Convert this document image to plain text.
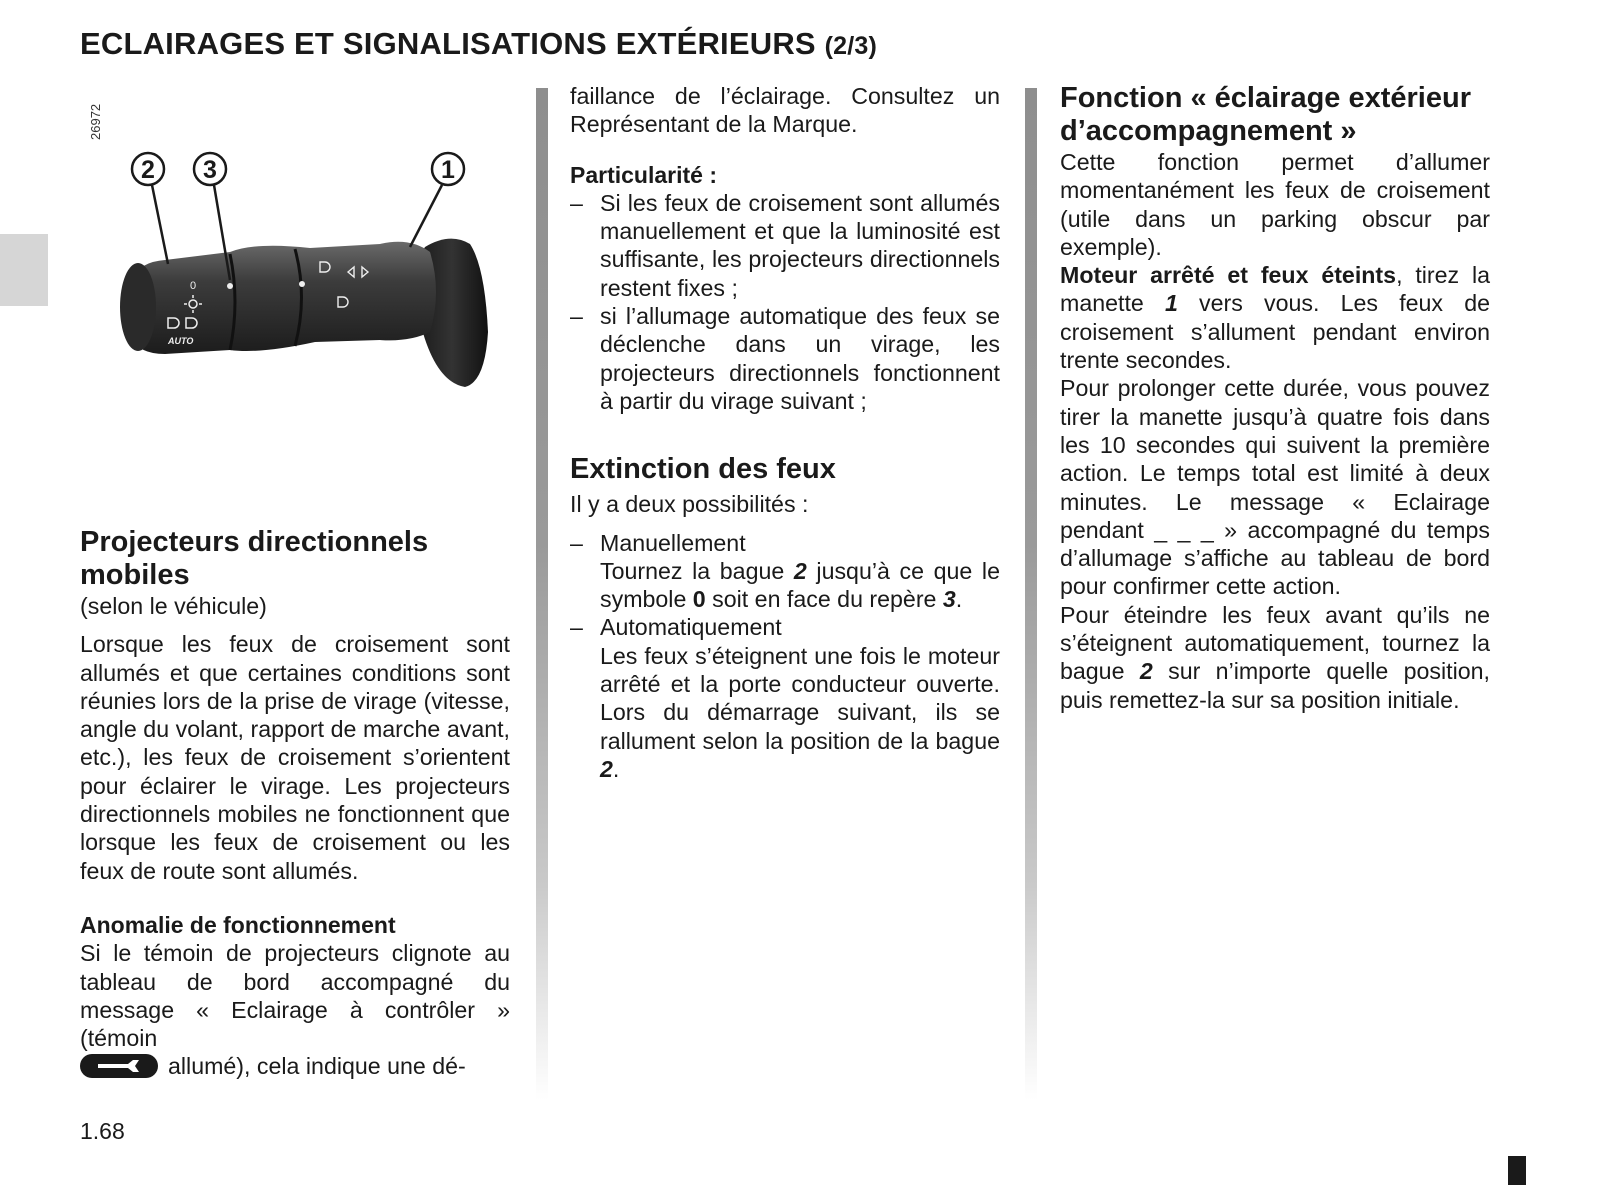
ECLAIRAGES ET SIGNALISATIONS EXTÉRIEURS (2/3)
26972
0
AUTO
2 3	1
Projecteurs directionnels mobiles

(selon le véhicule)

Lorsque les feux de croisement sont allumés et que certaines conditions sont réunies lors de la prise de virage (vitesse, angle du volant, rapport de marche avant, etc.), les feux de croisement s’orientent pour éclairer le virage. Les projecteurs directionnels mobiles ne fonctionnent que lorsque les feux de croisement ou les feux de route sont allumés.

Anomalie de fonctionnement

Si le témoin de projecteurs clignote au tableau de bord accompagné du message « Eclairage à contrôler » (témoin
allumé), cela indique une dé-

faillance de l’éclairage. Consultez un Représentant de la Marque.

Particularité :
– Si les feux de croisement sont allumés manuellement et que la luminosité est suffisante, les projecteurs directionnels restent fixes ;
– si l’allumage automatique des feux se déclenche dans un virage, les projecteurs directionnels fonctionnent à partir du virage suivant ;
Extinction des feux

Il y a deux possibilités :

– Manuellement
Tournez la bague 2 jusqu’à ce que le symbole 0 soit en face du repère 3.
– Automatiquement
Les feux s’éteignent une fois le moteur arrêté et la porte conducteur ouverte. Lors du démarrage suivant, ils se rallument selon la position de la bague 2.
Fonction « éclairage extérieur d’accompagnement »

Cette fonction permet d’allumer momentanément les feux de croisement (utile dans un parking obscur par exemple).

Moteur arrêté et feux éteints, tirez la manette 1 vers vous. Les feux de croisement s’allument pendant environ trente secondes.

Pour prolonger cette durée, vous pouvez tirer la manette jusqu’à quatre fois dans les 10 secondes qui suivent la première action. Le temps total est limité à deux minutes. Le message « Eclairage pendant _ _ _ » accompagné du temps d’allumage s’affiche au tableau de bord pour confirmer cette action.

Pour éteindre les feux avant qu’ils ne s’éteignent automatiquement, tournez la bague 2 sur n’importe quelle position, puis remettez-la sur sa position initiale.

1.68
